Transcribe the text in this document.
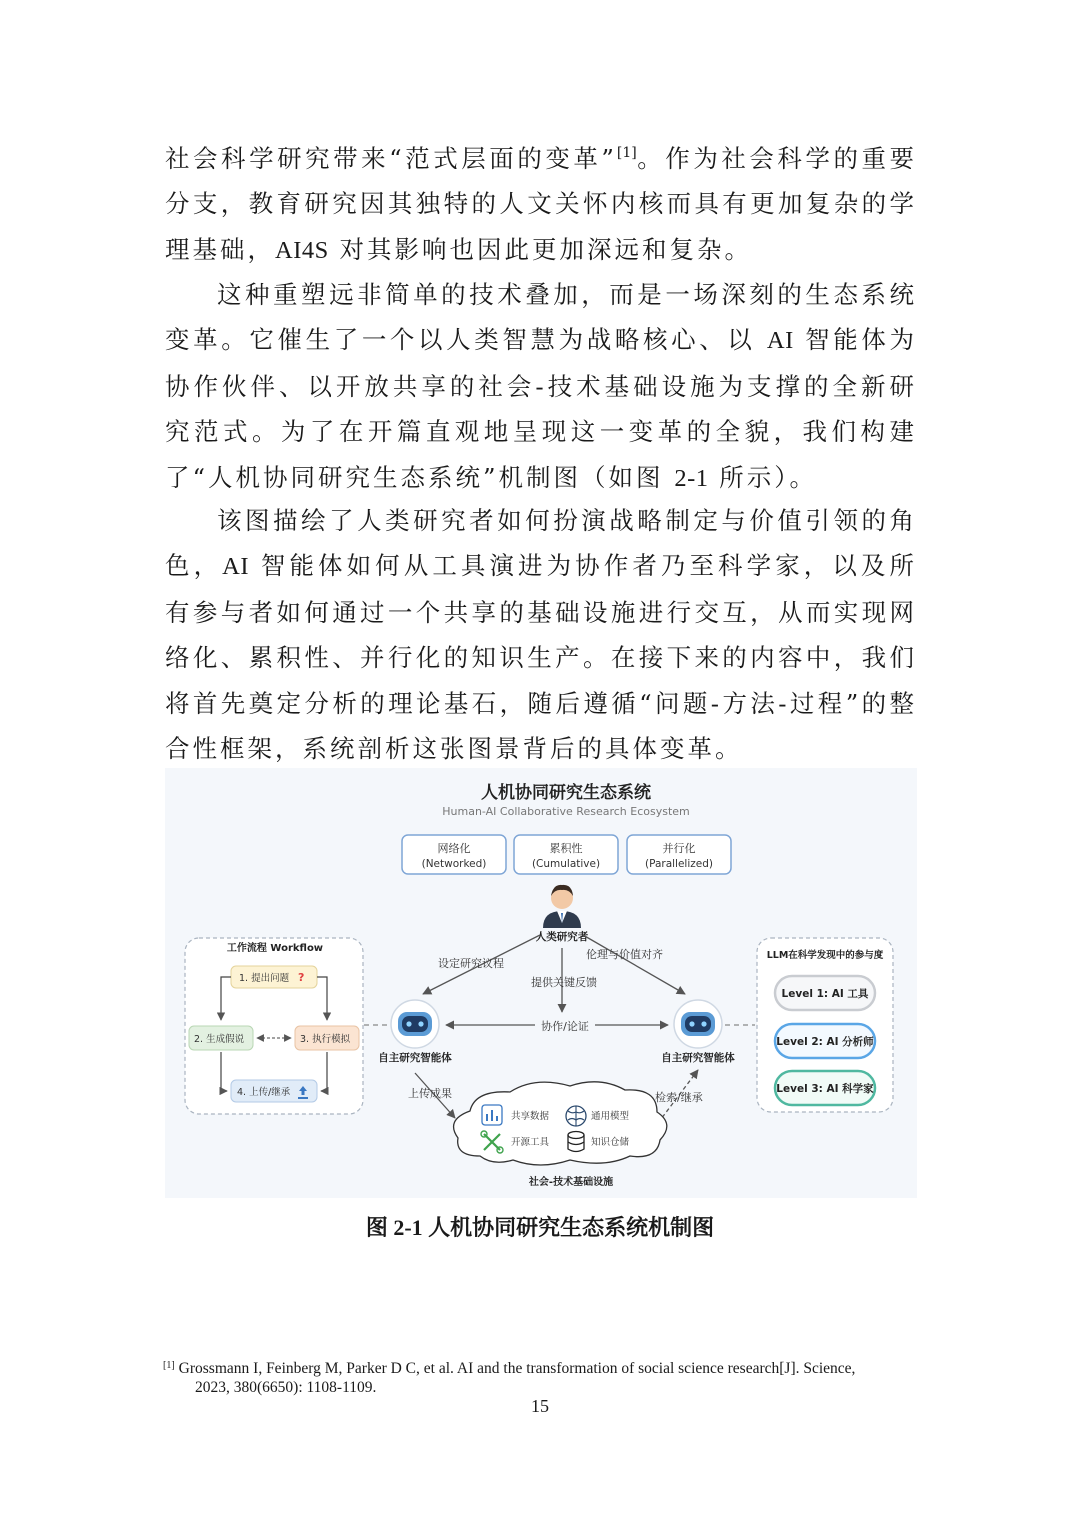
社会科学研究带来“范式层面的变革”[1]。作为社会科学的重要分支，教育研究因其独特的人文关怀内核而具有更加复杂的学理基础，AI4S 对其影响也因此更加深远和复杂。
这种重塑远非简单的技术叠加，而是一场深刻的生态系统变革。它催生了一个以人类智慧为战略核心、以 AI 智能体为协作伙伴、以开放共享的社会-技术基础设施为支撑的全新研究范式。为了在开篇直观地呈现这一变革的全貌，我们构建了“人机协同研究生态系统”机制图（如图 2-1 所示）。
该图描绘了人类研究者如何扮演战略制定与价值引领的角色，AI 智能体如何从工具演进为协作者乃至科学家，以及所有参与者如何通过一个共享的基础设施进行交互，从而实现网络化、累积性、并行化的知识生产。在接下来的内容中，我们将首先奠定分析的理论基石，随后遵循“问题-方法-过程”的整合性框架，系统剖析这张图景背后的具体变革。
人机协同研究生态系统
Human-AI Collaborative Research Ecosystem
网络化
(Networked)
累积性
(Cumulative)
并行化
(Parallelized)
人类研究者
设定研究议程
伦理与价值对齐
提供关键反馈
自主研究智能体	自主研究智能体
协作/论证
工作流程 Workflow
1. 提出问题 ?
2. 生成假说	3. 执行模拟
4. 上传/继承
LLM在科学发现中的参与度
Level 1: AI 工具
Level 2: AI 分析师
Level 3: AI 科学家
上传成果	检索/继承
共享数据	通用模型
开源工具	知识仓储
社会-技术基础设施
图 2-1 人机协同研究生态系统机制图
[1] Grossmann I, Feinberg M, Parker D C, et al. AI and the transformation of social science research[J]. Science,
2023, 380(6650): 1108-1109.
15
